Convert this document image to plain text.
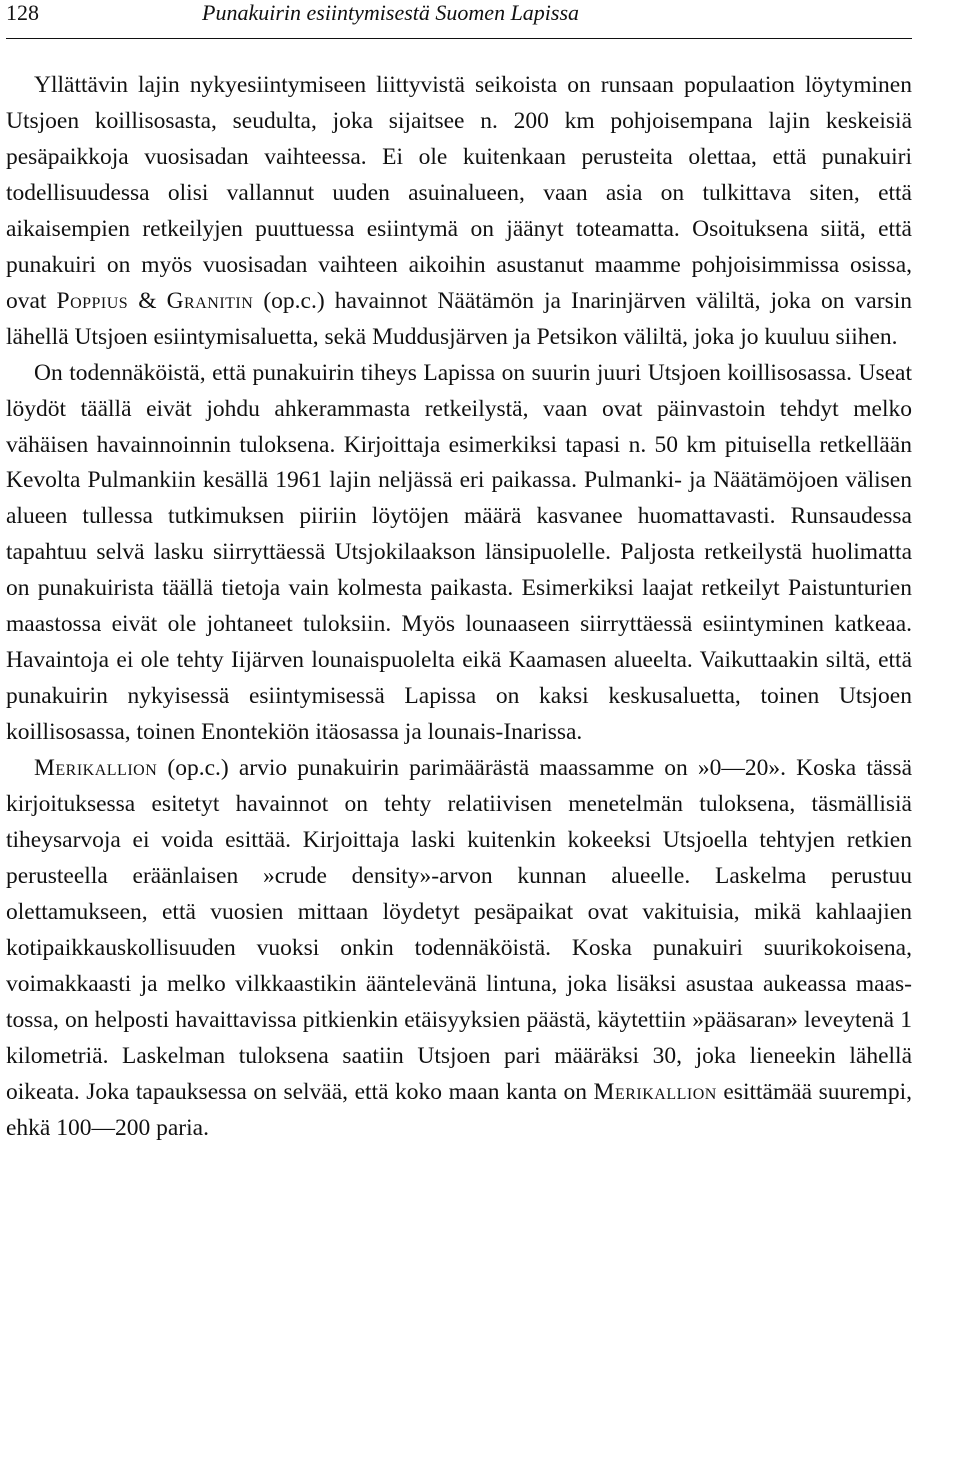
128	Punakuirin esiintymisestä Suomen Lapissa

Yllättävin lajin nykyesiintymiseen liittyvistä seikoista on runsaan populaation löytyminen Utsjoen koillisosasta, seudulta, joka sijaitsee n. 200 km pohjoisempana lajin keskeisiä pesäpaikkoja vuosisadan vaihteessa. Ei ole kuitenkaan perusteita olettaa, että punakuiri todellisuudessa olisi vallannut uuden asuinalueen, vaan asia on tulkittava siten, että aikaisempien retkeilyjen puuttuessa esiintymä on jäänyt toteamatta. Osoituksena siitä, että punakuiri on myös vuosisadan vaihteen aikoihin asustanut maamme pohjoisimmissa osissa, ovat Poppius & Granitin (op.c.) havainnot Näätämön ja Inarinjärven väliltä, joka on varsin lähellä Utsjoen esiintymisaluetta, sekä Muddusjärven ja Petsikon väliltä, joka jo kuuluu siihen.

On todennäköistä, että punakuirin tiheys Lapissa on suurin juuri Utsjoen koillisosassa. Useat löydöt täällä eivät johdu ahkerammasta retkeilystä, vaan ovat päinvastoin tehdyt melko vähäisen havainnoinnin tuloksena. Kirjoittaja esimerkiksi tapasi n. 50 km pituisella retkellään Kevolta Pulmankiin kesällä 1961 lajin neljässä eri paikassa. Pulmanki- ja Näätämöjoen välisen alueen tullessa tutkimuksen piiriin löytöjen määrä kasvanee huomattavasti. Runsaudessa tapahtuu selvä lasku siirryttäessä Utsjokilaakson länsipuolelle. Paljosta retkeilystä huolimatta on punakuirista täällä tietoja vain kolmesta paikasta. Esimerkiksi laajat retkeilyt Paistunturien maastossa eivät ole johtaneet tuloksiin. Myös lounaaseen siirryttäessä esiintyminen katkeaa. Havaintoja ei ole tehty Iijärven lounaispuolelta eikä Kaamasen alueelta. Vaikuttaakin siltä, että punakuirin nykyisessä esiintymisessä Lapissa on kaksi keskusaluetta, toinen Utsjoen koillisosassa, toinen Enontekiön itäosassa ja lounais-Inarissa.

Merikallion (op.c.) arvio punakuirin parimäärästä maassamme on »0—20». Koska tässä kirjoituksessa esitetyt havainnot on tehty relatiivisen menetelmän tuloksena, täsmällisiä tiheysarvoja ei voida esittää. Kirjoittaja laski kuitenkin kokeeksi Utsjoella tehtyjen retkien perusteella eräänlaisen »crude density»-arvon kunnan alueelle. Laskelma perustuu olettamukseen, että vuosien mittaan löydetyt pesäpaikat ovat vakituisia, mikä kahlaajien kotipaikkauskollisuuden vuoksi onkin todennäköistä. Koska punakuiri suurikokoisena, voimakkaasti ja melko vilkkaastikin ääntelevänä lintuna, joka lisäksi asustaa aukeassa maastossa, on helposti havaittavissa pitkienkin etäisyyksien päästä, käytettiin »pääsaran» leveytenä 1 kilometriä. Laskelman tuloksena saatiin Utsjoen pari määräksi 30, joka lieneekin lähellä oikeata. Joka tapauksessa on selvää, että koko maan kanta on Merikallion esittämää suurempi, ehkä 100—200 paria.
